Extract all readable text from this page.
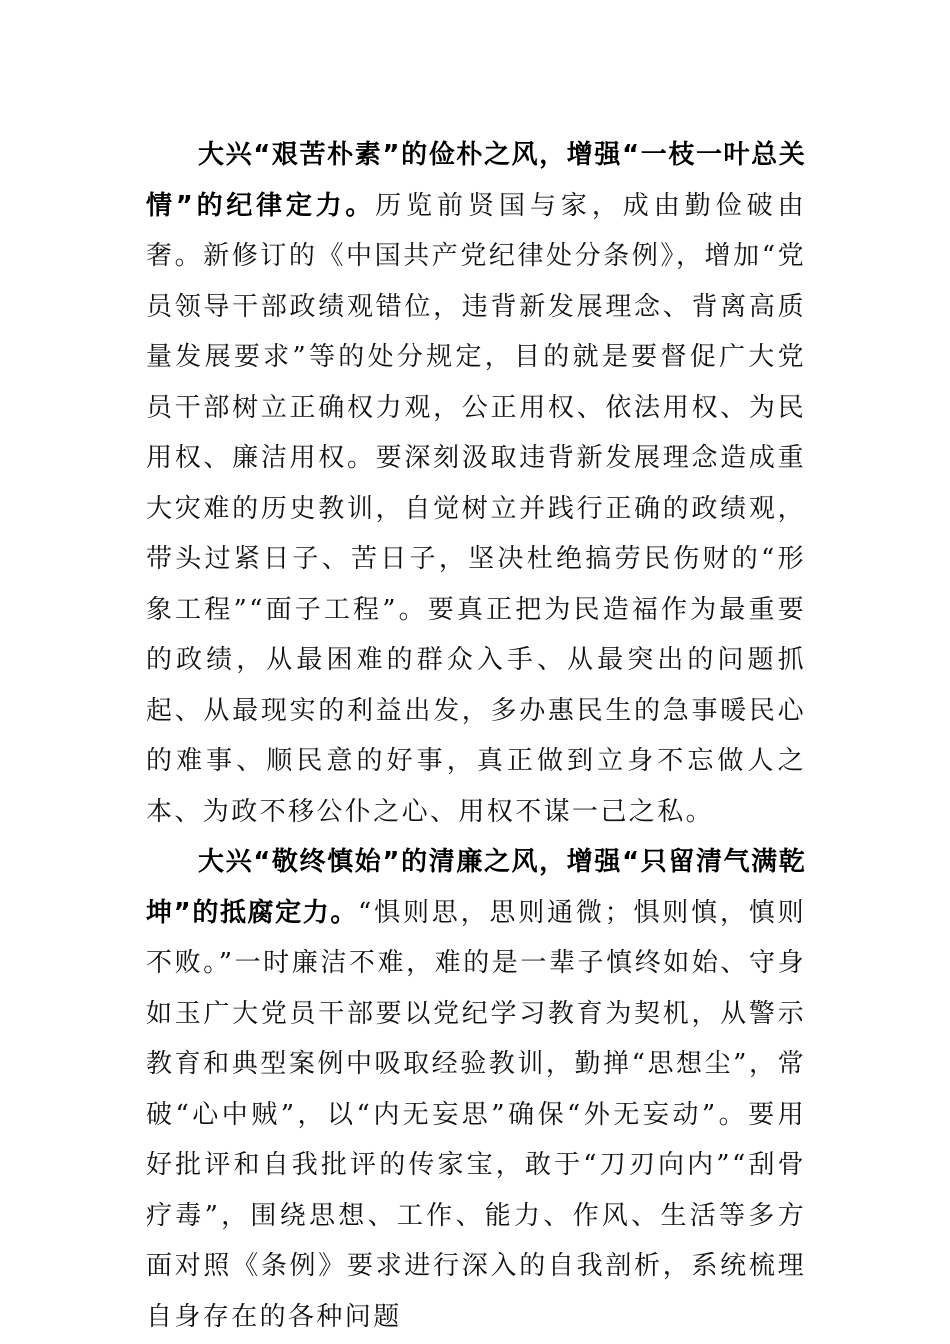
大兴“艰苦朴素”的俭朴之风，增强“一枝一叶总关情”的纪律定力。历览前贤国与家，成由勤俭破由奢。新修订的《中国共产党纪律处分条例》，增加“党员领导干部政绩观错位，违背新发展理念、背离高质量发展要求”等的处分规定，目的就是要督促广大党员干部树立正确权力观，公正用权、依法用权、为民用权、廉洁用权。要深刻汲取违背新发展理念造成重大灾难的历史教训，自觉树立并践行正确的政绩观，带头过紧日子、苦日子，坚决杜绝搞劳民伤财的“形象工程”“面子工程”。要真正把为民造福作为最重要的政绩，从最困难的群众入手、从最突出的问题抓起、从最现实的利益出发，多办惠民生的急事暖民心的难事、顺民意的好事，真正做到立身不忘做人之本、为政不移公仆之心、用权不谋一己之私。

大兴“敬终慎始”的清廉之风，增强“只留清气满乾坤”的抵腐定力。“惧则思，思则通微；惧则慎，慎则不败。”一时廉洁不难，难的是一辈子慎终如始、守身如玉广大党员干部要以党纪学习教育为契机，从警示教育和典型案例中吸取经验教训，勤掸“思想尘”，常破“心中贼”，以“内无妄思”确保“外无妄动”。要用好批评和自我批评的传家宝，敢于“刀刃向内”“刮骨疗毒”，围绕思想、工作、能力、作风、生活等多方面对照《条例》要求进行深入的自我剖析，系统梳理自身存在的各种问题
